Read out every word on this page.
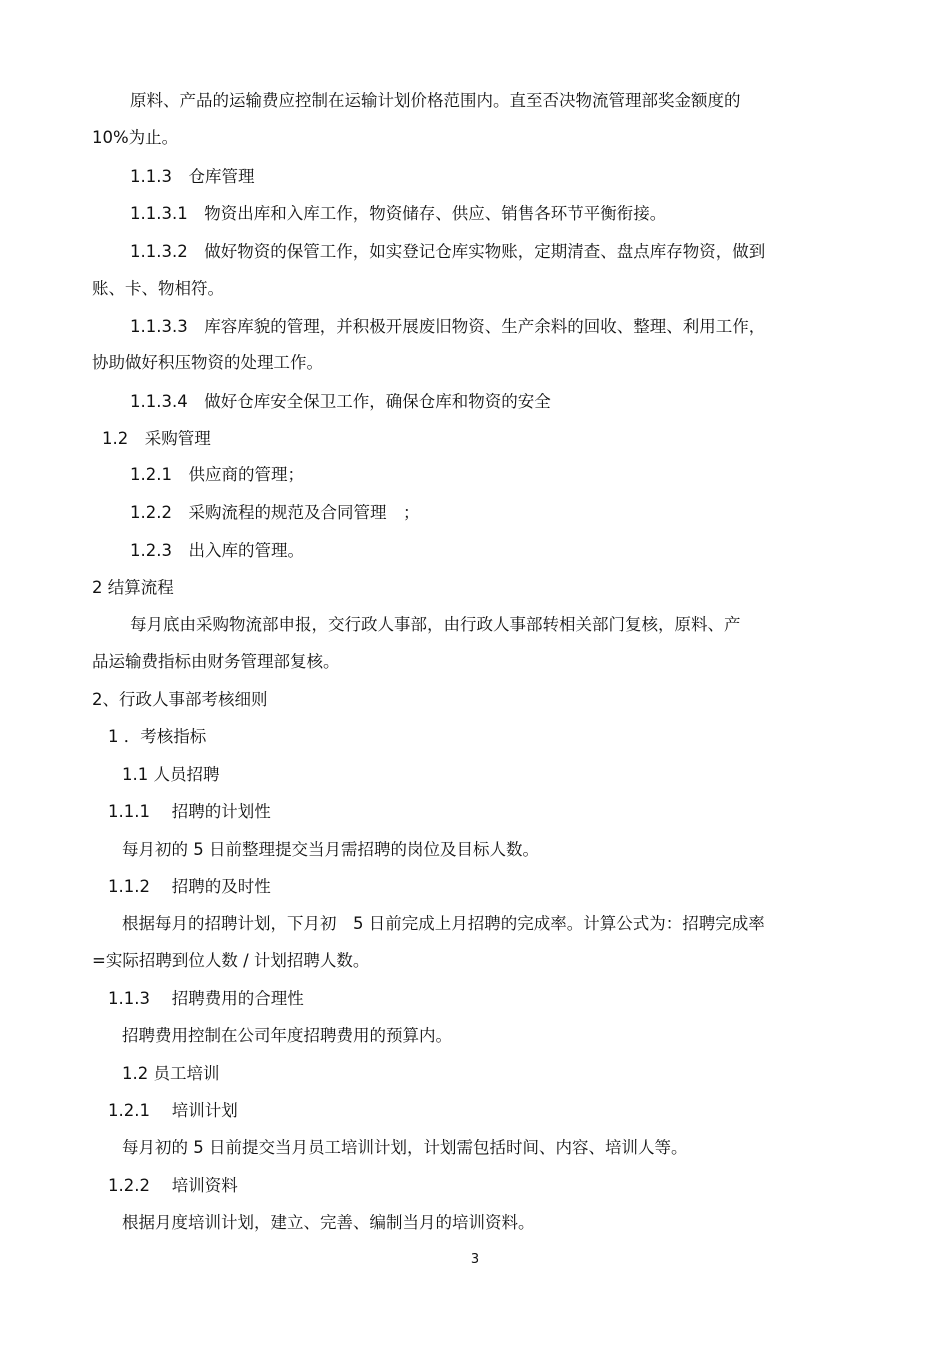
原料、产品的运输费应控制在运输计划价格范围内。直至否决物流管理部奖金额度的
10%为止。
1.1.3　仓库管理
1.1.3.1　物资出库和入库工作，物资储存、供应、销售各环节平衡衔接。
1.1.3.2　做好物资的保管工作，如实登记仓库实物账，定期清查、盘点库存物资，做到
账、卡、物相符。
1.1.3.3　库容库貌的管理，并积极开展废旧物资、生产余料的回收、整理、利用工作，
协助做好积压物资的处理工作。
1.1.3.4　做好仓库安全保卫工作，确保仓库和物资的安全
1.2　采购管理
1.2.1　供应商的管理；
1.2.2　采购流程的规范及合同管理　；
1.2.3　出入库的管理。
2 结算流程
每月底由采购物流部申报，交行政人事部，由行政人事部转相关部门复核，原料、产
品运输费指标由财务管理部复核。
2、行政人事部考核细则
1 ．考核指标
1.1 人员招聘
1.1.1　 招聘的计划性
每月初的 5 日前整理提交当月需招聘的岗位及目标人数。
1.1.2　 招聘的及时性
根据每月的招聘计划，下月初　5 日前完成上月招聘的完成率。计算公式为：招聘完成率
=实际招聘到位人数 / 计划招聘人数。
1.1.3　 招聘费用的合理性
招聘费用控制在公司年度招聘费用的预算内。
1.2 员工培训
1.2.1　 培训计划
每月初的 5 日前提交当月员工培训计划，计划需包括时间、内容、培训人等。
1.2.2　 培训资料
根据月度培训计划，建立、完善、编制当月的培训资料。
3
